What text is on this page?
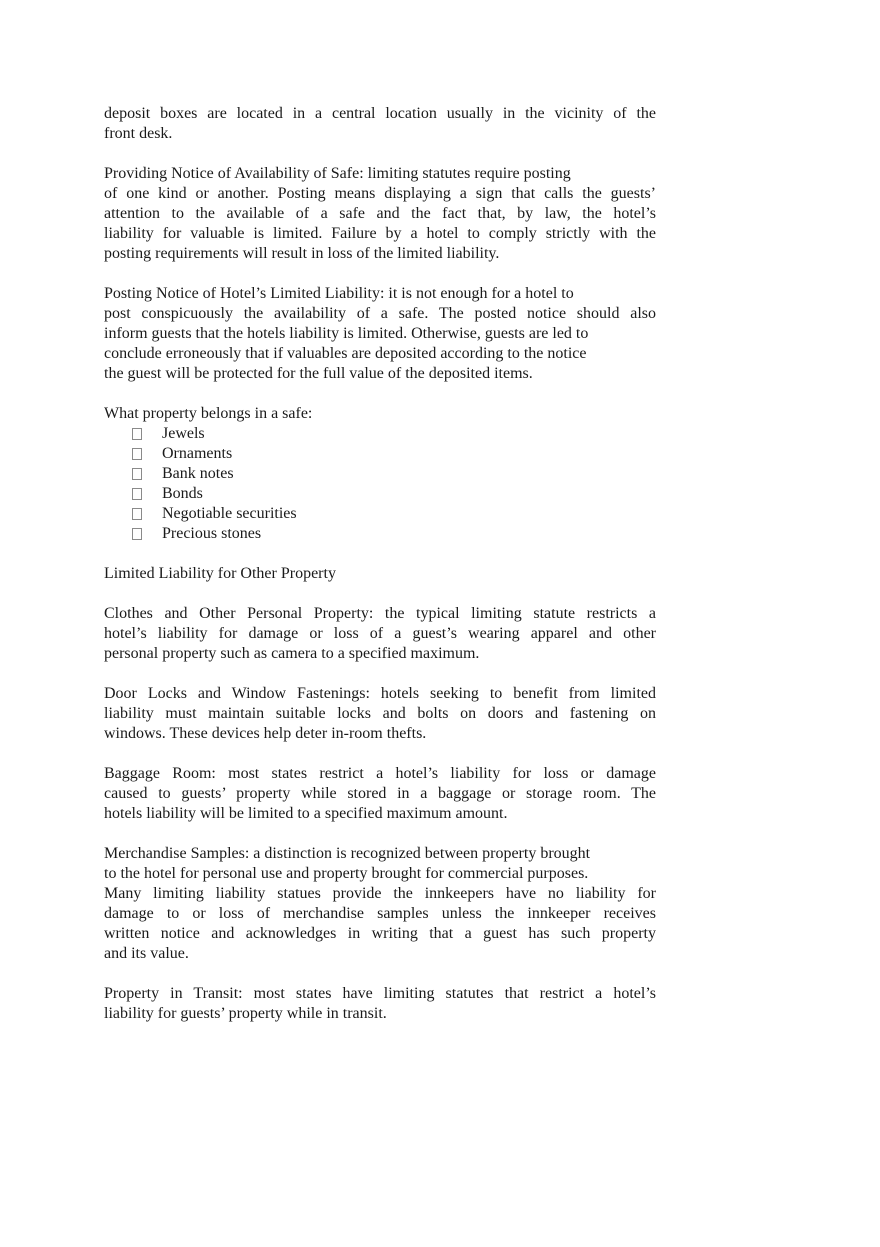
deposit boxes are located in a central location usually in the vicinity of the
front desk.

Providing Notice of Availability of Safe: limiting statutes require posting
of one kind or another. Posting means displaying a sign that calls the guests’
attention to the available of a safe and the fact that, by law, the hotel’s
liability for valuable is limited. Failure by a hotel to comply strictly with the
posting requirements will result in loss of the limited liability.

Posting Notice of Hotel’s Limited Liability: it is not enough for a hotel to
post conspicuously the availability of a safe. The posted notice should also
inform guests that the hotels liability is limited. Otherwise, guests are led to
conclude erroneously that if valuables are deposited according to the notice
the guest will be protected for the full value of the deposited items.

What property belongs in a safe:
Jewels
Ornaments
Bank notes
Bonds
Negotiable securities
Precious stones
Limited Liability for Other Property

Clothes and Other Personal Property: the typical limiting statute restricts a
hotel’s liability for damage or loss of a guest’s wearing apparel and other
personal property such as camera to a specified maximum.

Door Locks and Window Fastenings: hotels seeking to benefit from limited
liability must maintain suitable locks and bolts on doors and fastening on
windows. These devices help deter in-room thefts.

Baggage Room: most states restrict a hotel’s liability for loss or damage
caused to guests’ property while stored in a baggage or storage room. The
hotels liability will be limited to a specified maximum amount.

Merchandise Samples: a distinction is recognized between property brought
to the hotel for personal use and property brought for commercial purposes.
Many limiting liability statues provide the innkeepers have no liability for
damage to or loss of merchandise samples unless the innkeeper receives
written notice and acknowledges in writing that a guest has such property
and its value.

Property in Transit: most states have limiting statutes that restrict a hotel’s
liability for guests’ property while in transit.
